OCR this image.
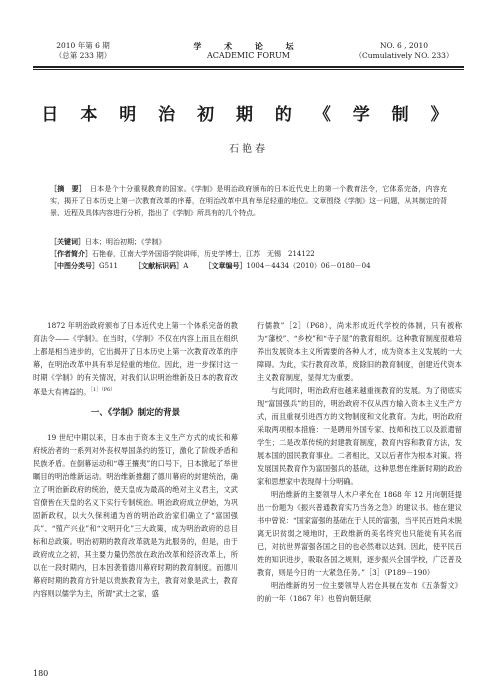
2010 年第 6 期
（总第 233 期）
学 术 论 坛
ACADEMIC FORUM
NO. 6 , 2010
（Cumulatively NO. 233）
日 本 明 治 初 期 的 《 学 制 》
石艳春

［摘　要］ 日本是个十分重视教育的国家。《学制》是明治政府颁布的日本近代史上的第一个教育法令，它体系完备，内容充实，揭开了日本历史上第一次教育改革的序幕，在明治改革中具有举足轻重的地位。文章围绕《学制》这一问题，从其制定的背景、近程及具体内容进行分析，指出了《学制》所具有的几个特点。

［关键词］日本；明治初期；《学制》
［作者简介］石艳春，江南大学外国语学院讲师，历史学博士，江苏　无锡　214122
［中图分类号］G511 ［文献标识码］A ［文章编号］1004－4434（2010）06－0180－04

1872 年明治政府颁布了日本近代史上第一个体系完备的教育法令——《学制》。在当时，《学制》不仅在内容上而且在组织上都是相当进步的，它出揭开了日本历史上第一次教育改革的序幕，在明治改革中具有举足轻重的地位。因此，进一步探讨这一时期《学制》的有关情况，对我们认识明治维新及日本的教育改革是大有裨益的。$^{[1](P6)}$

一、《学制》制定的背景

19 世纪中期以来，日本由于资本主义生产方式的成长和幕府统治者的一系列对外丧权辱国条约的签订，激化了阶级矛盾和民族矛盾。在倒幕运动和“尊王攘夷”的口号下，日本掀起了举世瞩目的明治维新运动。明治维新推翻了德川幕府的封建统治，确立了明治新政府的统治，使天皇成为最高的绝对主义君主，文武官僚皆在天皇的名义下实行专制统治。明治政府成立伊始，为巩固新政权，以大久保利通为首的明治政治家们确立了“富国强兵”、“殖产兴业”和“文明开化”三大政策，成为明治政府的总目标和总政策。明治初期的教育改革就是为此服务的，但是，由于政府成立之初，其主要力量仍然放在政治改革和经济改革上，所以在一段时期内，日本因袭着德川幕府时期的教育制度。而德川幕府时期的教育方针是以贵族教育为主，教育对象是武士，教育内容则以儒学为主，所谓“武士之家，盛

行儒教”［2］（P68），尚未形成近代学校的体制，只有被称为“藩校”、“乡校”和“寺子屋”的教育组织。这种教育制度很难培养出发展资本主义所需要的各种人才，成为资本主义发展的一大障碍。为此，实行教育改革，废除旧的教育制度，创建近代资本主义教育制度，显得尤为重要。

与此同时，明治政府也越来越重视教育的发展。为了彻底实现“富国强兵”的目的，明治政府不仅从西方输入资本主义生产方式，而且重视引进西方的文物制度和文化教育。为此，明治政府采取两项根本措施：一是聘用外国专家、技师和技工以及派遣留学生；二是改革传统的封建教育制度，教育内容和教育方法，发展本国的国民教育事业。二者相比，又以后者作为根本对策。将发展国民教育作为富国强兵的基础，这种思想在维新时期的政治家和思想家中表现得十分明确。

明治维新的主要领导人木户孝允在 1868 年 12 月向朝廷提出一份题为《振兴普通教育实乃当务之急》的建议书。他在建议书中曾说：“国家富强的基础在于人民的富强，当平民百姓尚未脱离无识贫弱之境地时，王政维新的美名终究也只能徒有其名而已，对抗世界富强各国之目的也必然难以达到。因此，使平民百姓的知识进步，吸取各国之规则，逐步振兴全国学校，广泛普及教育，则是今日的一大紧急任务。”［3］（P189－190）

明治维新的另一位主要领导人岩仓具视在发布《五条誓文》的前一年（1867 年）也曾向朝廷献

180
